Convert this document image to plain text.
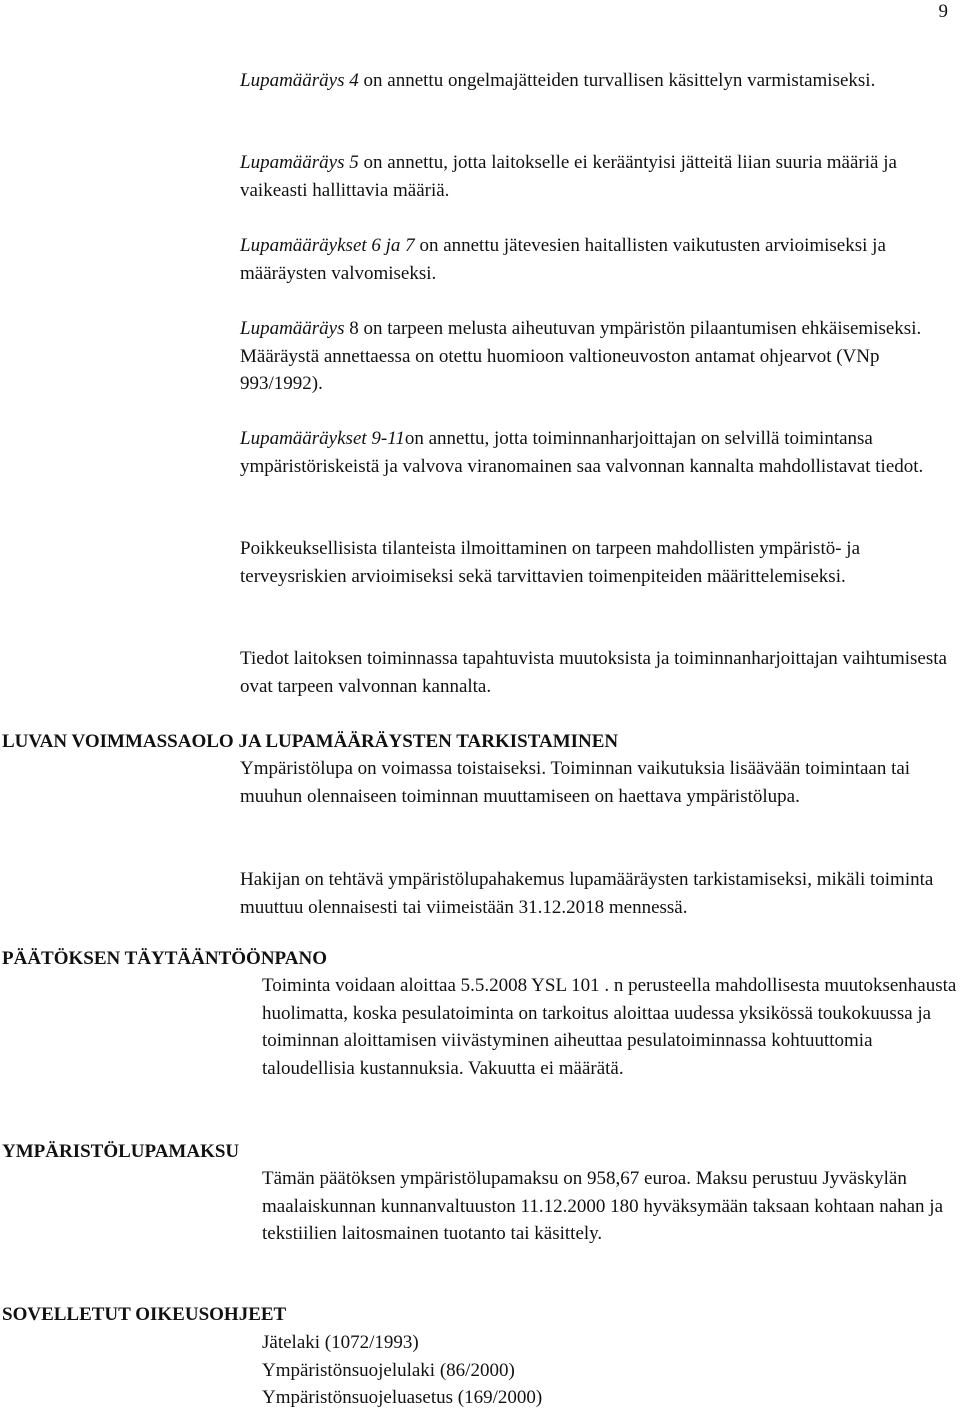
9

Lupamääräys 4 on annettu ongelmajätteiden turvallisen käsittelyn varmistamiseksi.

Lupamääräys 5 on annettu, jotta laitokselle ei kerääntyisi jätteitä liian suuria määriä ja vaikeasti hallittavia määriä.

Lupamääräykset 6 ja 7 on annettu jätevesien haitallisten vaikutusten arvioimiseksi ja määräysten valvomiseksi.

Lupamääräys 8 on tarpeen melusta aiheutuvan ympäristön pilaantumisen ehkäisemiseksi. Määräystä annettaessa on otettu huomioon valtioneuvoston antamat ohjearvot (VNp 993/1992).

Lupamääräykset 9-11on annettu, jotta toiminnanharjoittajan on selvillä toimintansa ympäristöriskeistä ja valvova viranomainen saa valvonnan kannalta mahdollistavat tiedot.

Poikkeuksellisista tilanteista ilmoittaminen on tarpeen mahdollisten ympäristö- ja terveysriskien arvioimiseksi sekä tarvittavien toimenpiteiden määrittelemiseksi.

Tiedot laitoksen toiminnassa tapahtuvista muutoksista ja toiminnanharjoittajan vaihtumisesta ovat tarpeen valvonnan kannalta.

LUVAN VOIMMASSAOLO JA LUPAMÄÄRÄYSTEN TARKISTAMINEN

Ympäristölupa on voimassa toistaiseksi. Toiminnan vaikutuksia lisäävään toimintaan tai muuhun olennaiseen toiminnan muuttamiseen on haettava ympäristölupa.

Hakijan on tehtävä ympäristölupahakemus lupamääräysten tarkistamiseksi, mikäli toiminta muuttuu olennaisesti tai viimeistään 31.12.2018 mennessä.

PÄÄTÖKSEN TÄYTÄÄNTÖÖNPANO

Toiminta voidaan aloittaa 5.5.2008 YSL 101 . n perusteella mahdollisesta muutoksenhausta huolimatta, koska pesulatoiminta on tarkoitus aloittaa uudessa yksikössä toukokuussa ja toiminnan aloittamisen viivästyminen aiheuttaa pesulatoiminnassa kohtuuttomia taloudellisia kustannuksia. Vakuutta ei määrätä.

YMPÄRISTÖLUPAMAKSU

Tämän päätöksen ympäristölupamaksu on 958,67 euroa. Maksu perustuu Jyväskylän maalaiskunnan kunnanvaltuuston 11.12.2000 180 hyväksymään taksaan kohtaan nahan ja tekstiilien laitosmainen tuotanto tai käsittely.

SOVELLETUT OIKEUSOHJEET
Jätelaki (1072/1993)
Ympäristönsuojelulaki (86/2000)
Ympäristönsuojeluasetus (169/2000)
